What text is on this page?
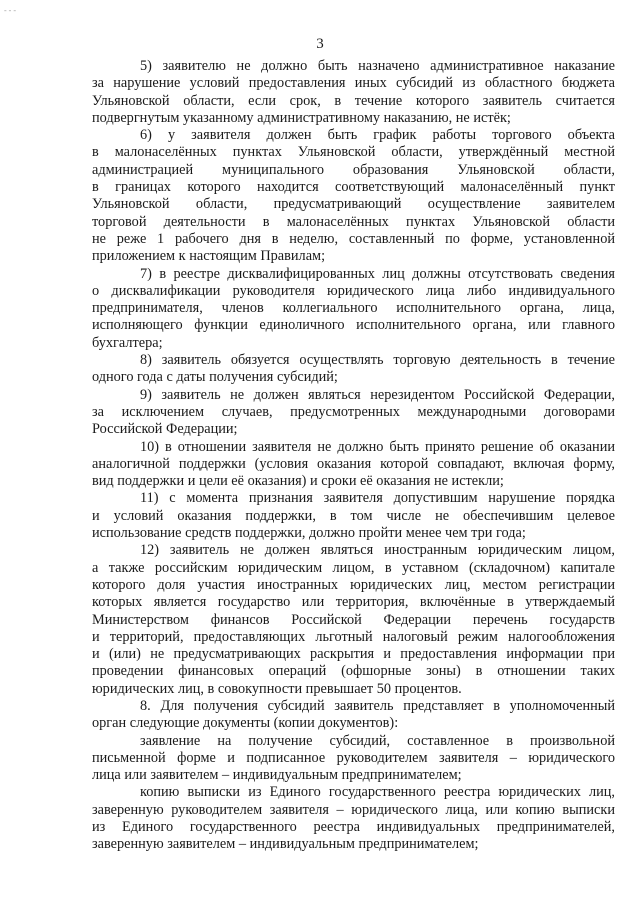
- - -
3
5) заявителю не должно быть назначено административное наказание
за нарушение условий предоставления иных субсидий из областного бюджета
Ульяновской области, если срок, в течение которого заявитель считается
подвергнутым указанному административному наказанию, не истёк;
6) у заявителя должен быть график работы торгового объекта
в малонаселённых пунктах Ульяновской области, утверждённый местной
администрацией муниципального образования Ульяновской области,
в границах которого находится соответствующий малонаселённый пункт
Ульяновской области, предусматривающий осуществление заявителем
торговой деятельности в малонаселённых пунктах Ульяновской области
не реже 1 рабочего дня в неделю, составленный по форме, установленной
приложением к настоящим Правилам;
7) в реестре дисквалифицированных лиц должны отсутствовать сведения
о дисквалификации руководителя юридического лица либо индивидуального
предпринимателя, членов коллегиального исполнительного органа, лица,
исполняющего функции единоличного исполнительного органа, или главного
бухгалтера;
8) заявитель обязуется осуществлять торговую деятельность в течение
одного года с даты получения субсидий;
9) заявитель не должен являться нерезидентом Российской Федерации,
за исключением случаев, предусмотренных международными договорами
Российской Федерации;
10) в отношении заявителя не должно быть принято решение об оказании
аналогичной поддержки (условия оказания которой совпадают, включая форму,
вид поддержки и цели её оказания) и сроки её оказания не истекли;
11) с момента признания заявителя допустившим нарушение порядка
и условий оказания поддержки, в том числе не обеспечившим целевое
использование средств поддержки, должно пройти менее чем три года;
12) заявитель не должен являться иностранным юридическим лицом,
а также российским юридическим лицом, в уставном (складочном) капитале
которого доля участия иностранных юридических лиц, местом регистрации
которых является государство или территория, включённые в утверждаемый
Министерством финансов Российской Федерации перечень государств
и территорий, предоставляющих льготный налоговый режим налогообложения
и (или) не предусматривающих раскрытия и предоставления информации при
проведении финансовых операций (офшорные зоны) в отношении таких
юридических лиц, в совокупности превышает 50 процентов.
8. Для получения субсидий заявитель представляет в уполномоченный
орган следующие документы (копии документов):
заявление на получение субсидий, составленное в произвольной
письменной форме и подписанное руководителем заявителя – юридического
лица или заявителем – индивидуальным предпринимателем;
копию выписки из Единого государственного реестра юридических лиц,
заверенную руководителем заявителя – юридического лица, или копию выписки
из Единого государственного реестра индивидуальных предпринимателей,
заверенную заявителем – индивидуальным предпринимателем;
